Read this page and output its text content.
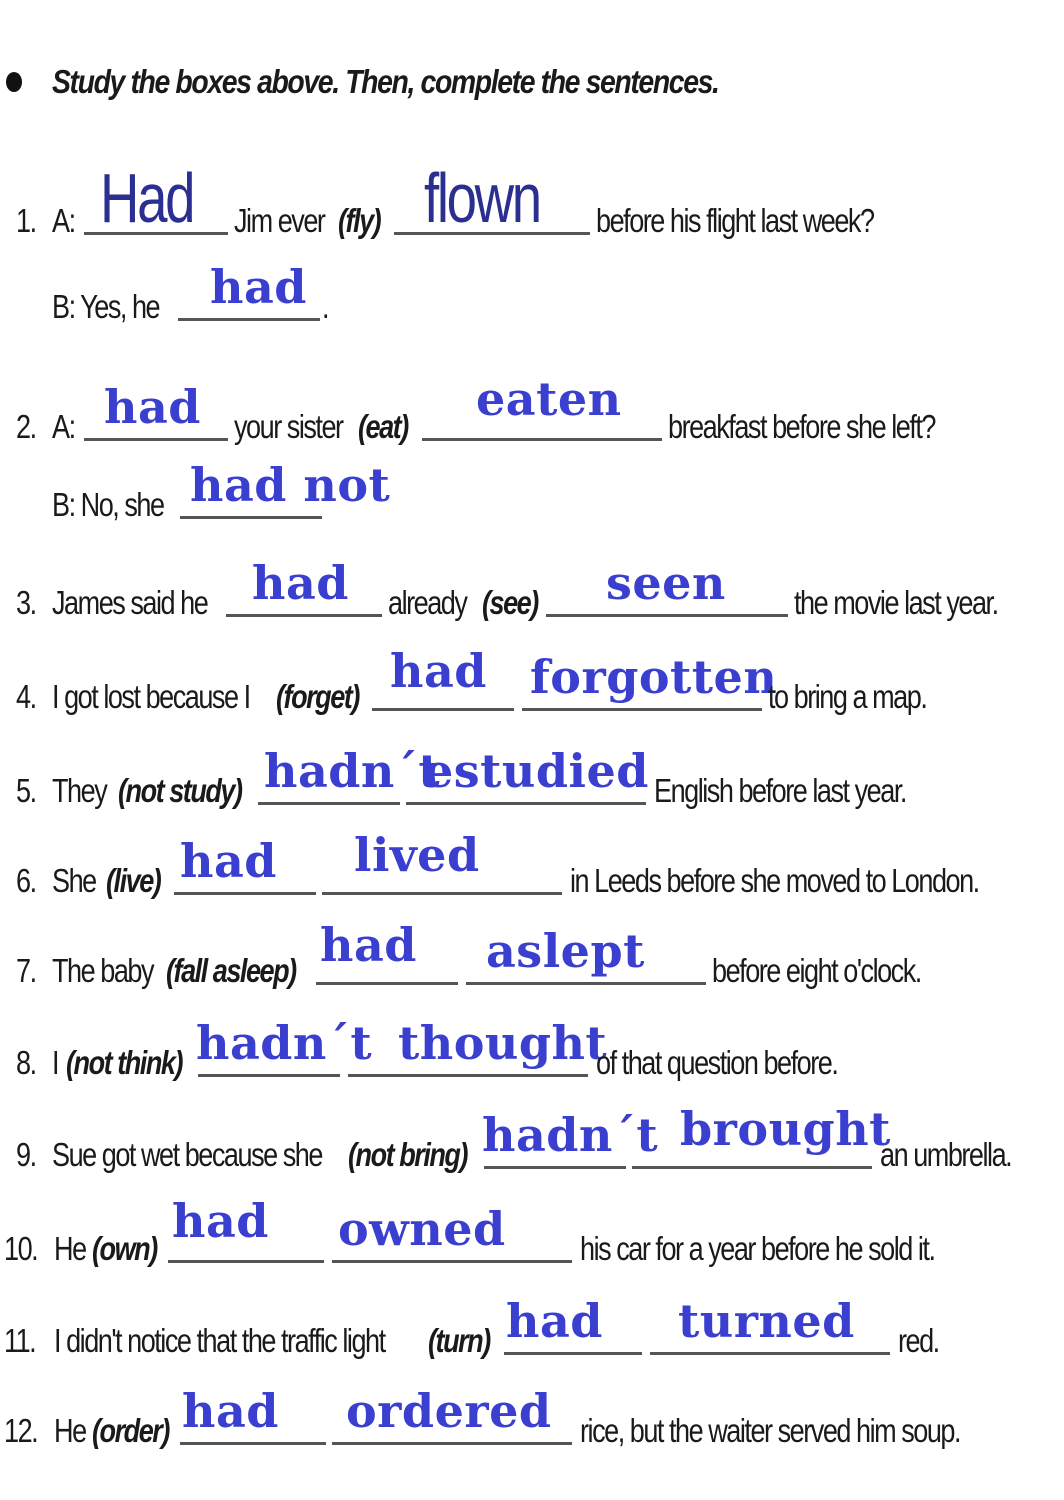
Study the boxes above. Then, complete the sentences.
1. A: Had Jim ever (fly) flown before his flight last week?
B: Yes, he had .
2. A: had your sister (eat)
eaten
breakfast before she left?
B: No, she had not
3. James said he had already (see) seen the movie last year.
4. I got lost because I (forget) had forgotten
to bring a map.
5. They (not study) hadn´t
estudied English before last year.
6. She (live) had lived	in Leeds before she moved to London.
7. The baby (fall asleep) had aslept before eight o'clock.
8. I (not think) hadn´t thought
of that question before.
9. Sue got wet because she (not bring) hadn´t brought
an umbrella.
10. He (own)
had owned his car for a year before he sold it.
11. I didn't notice that the traffic light (turn) had turned red.
12. He (order) had ordered rice, but the waiter served him soup.
